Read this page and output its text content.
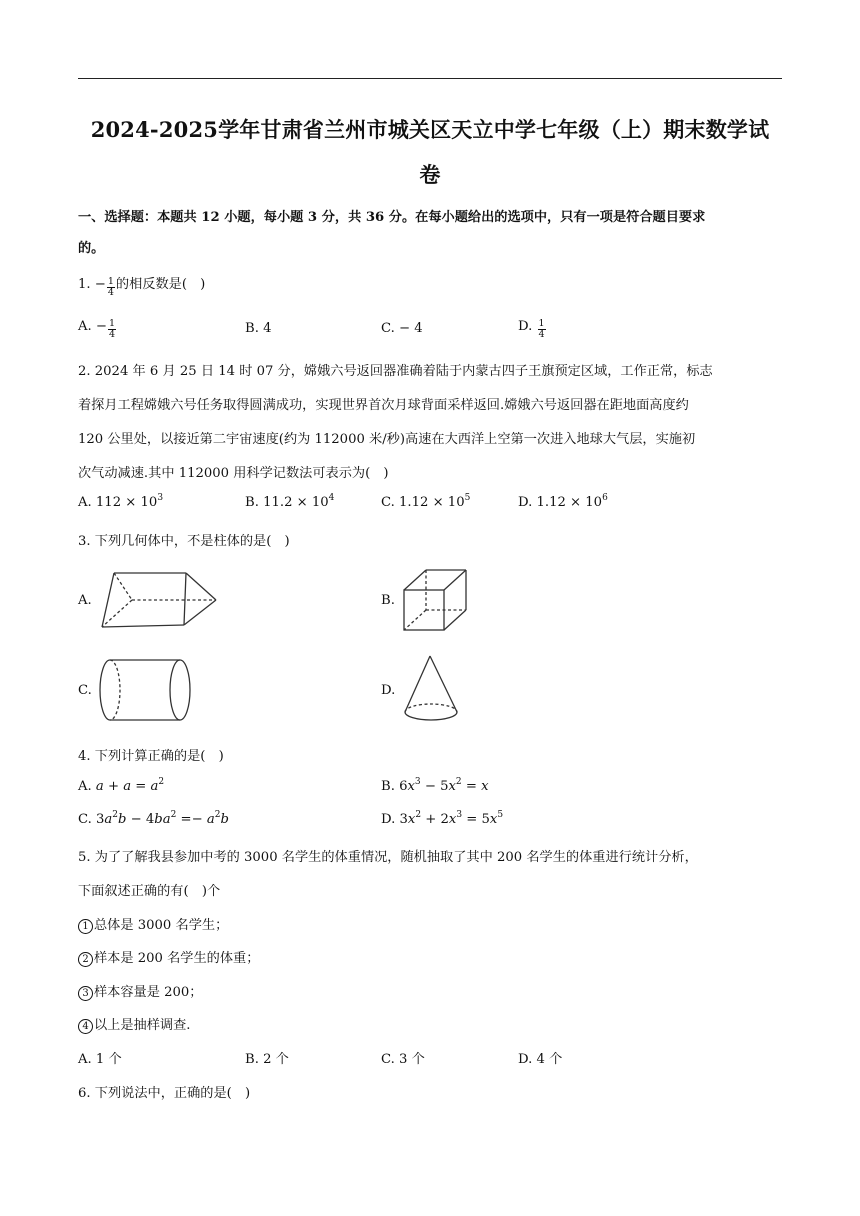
2024-2025学年甘肃省兰州市城关区天立中学七年级（上）期末数学试
卷
一、选择题：本题共 12 小题，每小题 3 分，共 36 分。在每小题给出的选项中，只有一项是符合题目要求
的。
1. − $\frac{1}{4}$ 的相反数是(　)
A. − $\frac{1}{4}$	B. 4	C. − 4	D. $\frac{1}{4}$
2. 2024 年 6 月 25 日 14 时 07 分，嫦娥六号返回器准确着陆于内蒙古四子王旗预定区域，工作正常，标志
着探月工程嫦娥六号任务取得圆满成功，实现世界首次月球背面采样返回.嫦娥六号返回器在距地面高度约
120 公里处，以接近第二宇宙速度(约为 112000 米/秒)高速在大西洋上空第一次进入地球大气层，实施初
次气动减速.其中 112000 用科学记数法可表示为(　)
A. $112 \times 10^3$	B. $11.2 \times 10^4$	C. $1.12 \times 10^5$	D. $1.12 \times 10^6$
3. 下列几何体中，不是柱体的是(　)
A.	B.
C.	D.
4. 下列计算正确的是(　)
A. $a + a = a^2$	B. $6x^3 - 5x^2 = x$
C. $3a^2b - 4ba^2 =- a^2b$	D. $3x^2 + 2x^3 = 5x^5$
5. 为了了解我县参加中考的 3000 名学生的体重情况，随机抽取了其中 200 名学生的体重进行统计分析，
下面叙述正确的有(　)个
1 总体是 3000 名学生；
2 样本是 200 名学生的体重；
3 样本容量是 200；
4 以上是抽样调查.
A. 1 个	B. 2 个	C. 3 个	D. 4 个
6. 下列说法中，正确的是(　)
